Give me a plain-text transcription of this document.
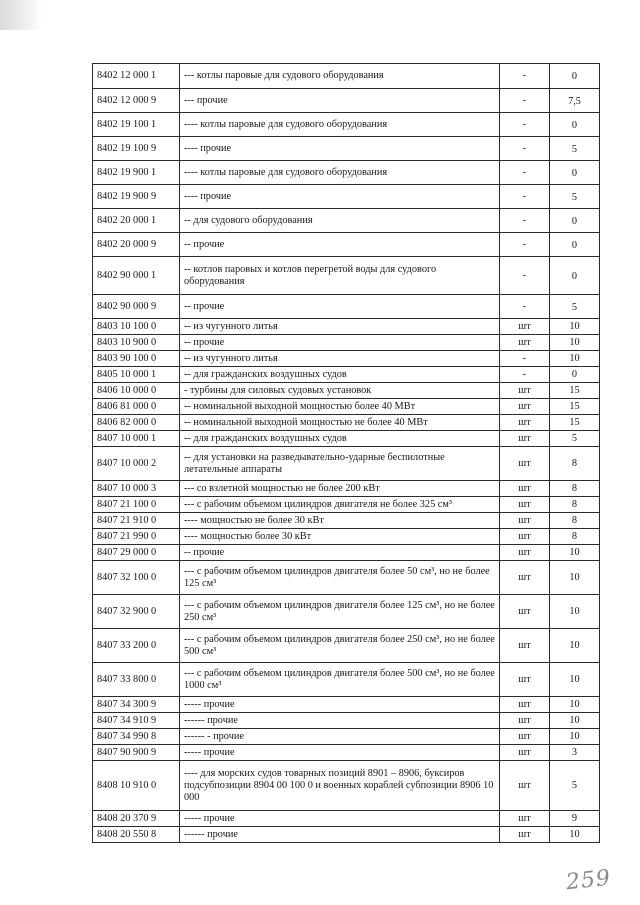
8402 12 000 1	--- котлы паровые для судового оборудования	-	0
8402 12 000 9	--- прочие	-	7,5
8402 19 100 1	---- котлы паровые для судового оборудования	-	0
8402 19 100 9	---- прочие	-	5
8402 19 900 1	---- котлы паровые для судового оборудования	-	0
8402 19 900 9	---- прочие	-	5
8402 20 000 1	-- для судового оборудования	-	0
8402 20 000 9	-- прочие	-	0
8402 90 000 1	-- котлов паровых и котлов перегретой воды для судового оборудования	-	0
8402 90 000 9	-- прочие	-	5
8403 10 100 0	-- из чугунного литья	шт	10
8403 10 900 0	-- прочие	шт	10
8403 90 100 0	-- из чугунного литья	-	10
8405 10 000 1	-- для гражданских воздушных судов	-	0
8406 10 000 0	- турбины для силовых судовых установок	шт	15
8406 81 000 0	-- номинальной выходной мощностью более 40 МВт	шт	15
8406 82 000 0	-- номинальной выходной мощностью не более 40 МВт	шт	15
8407 10 000 1	-- для гражданских воздушных судов	шт	5
8407 10 000 2	-- для установки на разведывательно-ударные беспилотные летательные аппараты	шт	8
8407 10 000 3	--- со взлетной мощностью не более 200 кВт	шт	8
8407 21 100 0	--- с рабочим объемом цилиндров двигателя не более 325 см³	шт	8
8407 21 910 0	---- мощностью не более 30 кВт	шт	8
8407 21 990 0	---- мощностью более 30 кВт	шт	8
8407 29 000 0	-- прочие	шт	10
8407 32 100 0	--- с рабочим объемом цилиндров двигателя более 50 см³, но не более 125 см³	шт	10
8407 32 900 0	--- с рабочим объемом цилиндров двигателя более 125 см³, но не более 250 см³	шт	10
8407 33 200 0	--- с рабочим объемом цилиндров двигателя более 250 см³, но не более 500 см³	шт	10
8407 33 800 0	--- с рабочим объемом цилиндров двигателя более 500 см³, но не более 1000 см³	шт	10
8407 34 300 9	----- прочие	шт	10
8407 34 910 9	------ прочие	шт	10
8407 34 990 8	------ - прочие	шт	10
8407 90 900 9	----- прочие	шт	3
8408 10 910 0	---- для морских судов товарных позиций 8901 – 8906, буксиров подсубпозиции 8904 00 100 0 и военных кораблей субпозиции 8906 10 000	шт	5
8408 20 370 9	----- прочие	шт	9
8408 20 550 8	------ прочие	шт	10
259
